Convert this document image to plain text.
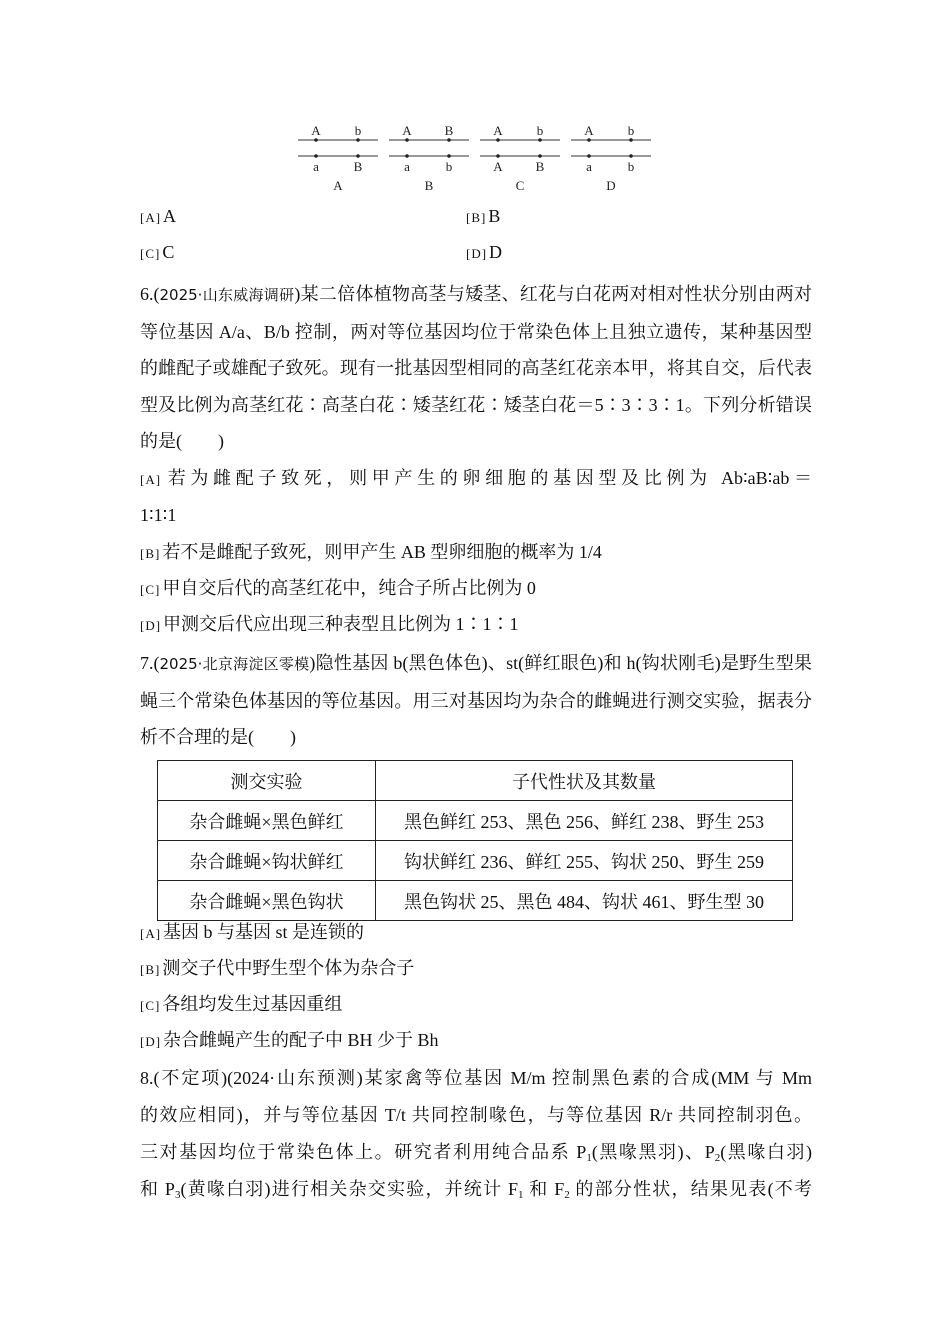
A	b
a	B
A
A	B
a	b
B
A	b
A	B
C
A	b
a	b
D
[A] A	[B] B
[C] C	[D] D
6.(2025·山东威海调研)某二倍体植物高茎与矮茎、红花与白花两对相对性状分别由两对等位基因 A/a、B/b 控制，两对等位基因均位于常染色体上且独立遗传，某种基因型的雌配子或雄配子致死。现有一批基因型相同的高茎红花亲本甲，将其自交，后代表型及比例为高茎红花∶高茎白花∶矮茎红花∶矮茎白花＝5∶3∶3∶1。下列分析错误的是(　　)
[A] 若为雌配子致死，则甲产生的卵细胞的基因型及比例为 Ab∶aB∶ab＝
1∶1∶1
[B] 若不是雌配子致死，则甲产生 AB 型卵细胞的概率为 1/4
[C] 甲自交后代的高茎红花中，纯合子所占比例为 0
[D] 甲测交后代应出现三种表型且比例为 1∶1∶1
7.(2025·北京海淀区零模)隐性基因 b(黑色体色)、st(鲜红眼色)和 h(钩状刚毛)是野生型果蝇三个常染色体基因的等位基因。用三对基因均为杂合的雌蝇进行测交实验，据表分析不合理的是(　　)
测交实验	子代性状及其数量
杂合雌蝇×黑色鲜红	黑色鲜红 253、黑色 256、鲜红 238、野生 253
杂合雌蝇×钩状鲜红	钩状鲜红 236、鲜红 255、钩状 250、野生 259
杂合雌蝇×黑色钩状	黑色钩状 25、黑色 484、钩状 461、野生型 30
[A] 基因 b 与基因 st 是连锁的
[B] 测交子代中野生型个体为杂合子
[C] 各组均发生过基因重组
[D] 杂合雌蝇产生的配子中 BH 少于 Bh
8.(不定项)(2024·山东预测)某家禽等位基因 M/m 控制黑色素的合成(MM 与 Mm
的效应相同)，并与等位基因 T/t 共同控制喙色，与等位基因 R/r 共同控制羽色。
三对基因均位于常染色体上。研究者利用纯合品系 $P_1$(黑喙黑羽)、$P_2$(黑喙白羽)
和 $P_3$(黄喙白羽)进行相关杂交实验，并统计 $F_1$ 和 $F_2$ 的部分性状，结果见表(不考
